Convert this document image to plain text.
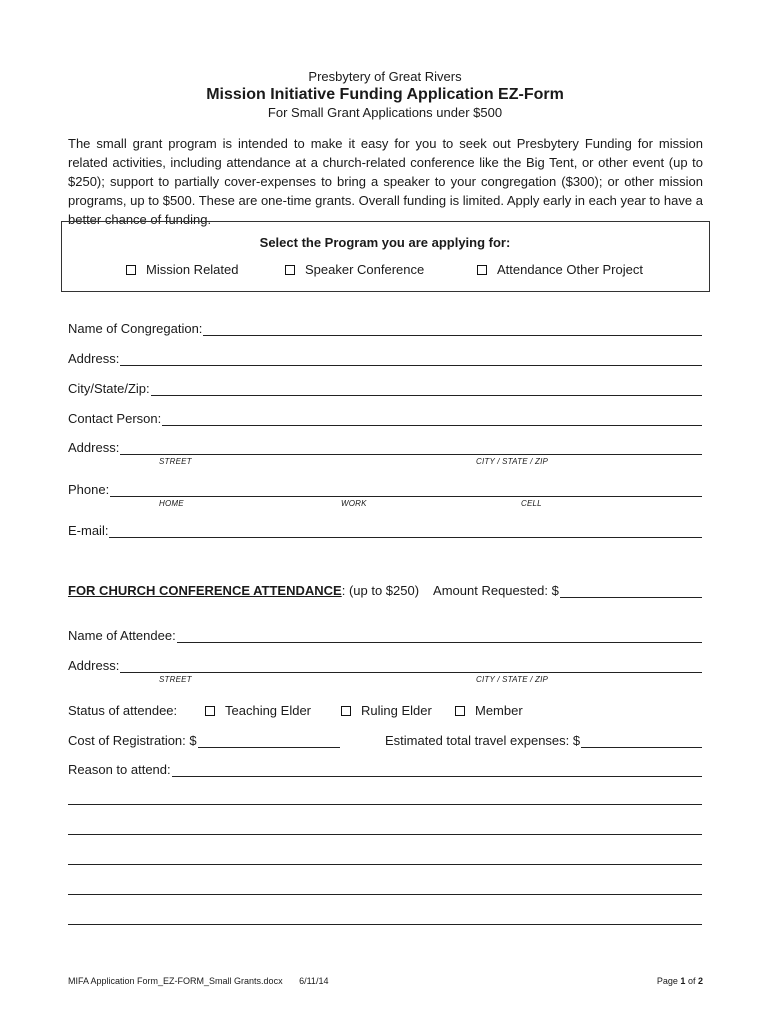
Presbytery of Great Rivers
Mission Initiative Funding Application EZ-Form
For Small Grant Applications under $500
The small grant program is intended to make it easy for you to seek out Presbytery Funding for mission related activities, including attendance at a church-related conference like the Big Tent, or other event (up to $250); support to partially cover-expenses to bring a speaker to your congregation ($300); or other mission programs, up to $500. These are one-time grants. Overall funding is limited. Apply early in each year to have a better chance of funding.
Select the Program you are applying for:
Mission Related	Speaker Conference	Attendance Other Project
Name of Congregation:
Address:
City/State/Zip:
Contact Person:
Address:
STREET	CITY / STATE / ZIP
Phone:
HOME	WORK	CELL
E-mail:
FOR CHURCH CONFERENCE ATTENDANCE : (up to $250) Amount Requested: $
Name of Attendee:
Address:
STREET	CITY / STATE / ZIP
Status of attendee:	Teaching Elder	Ruling Elder	Member
Cost of Registration: $	Estimated total travel expenses: $
Reason to attend:
MIFA Application Form_EZ-FORM_Small Grants.docx 6/11/14	Page 1 of 2
